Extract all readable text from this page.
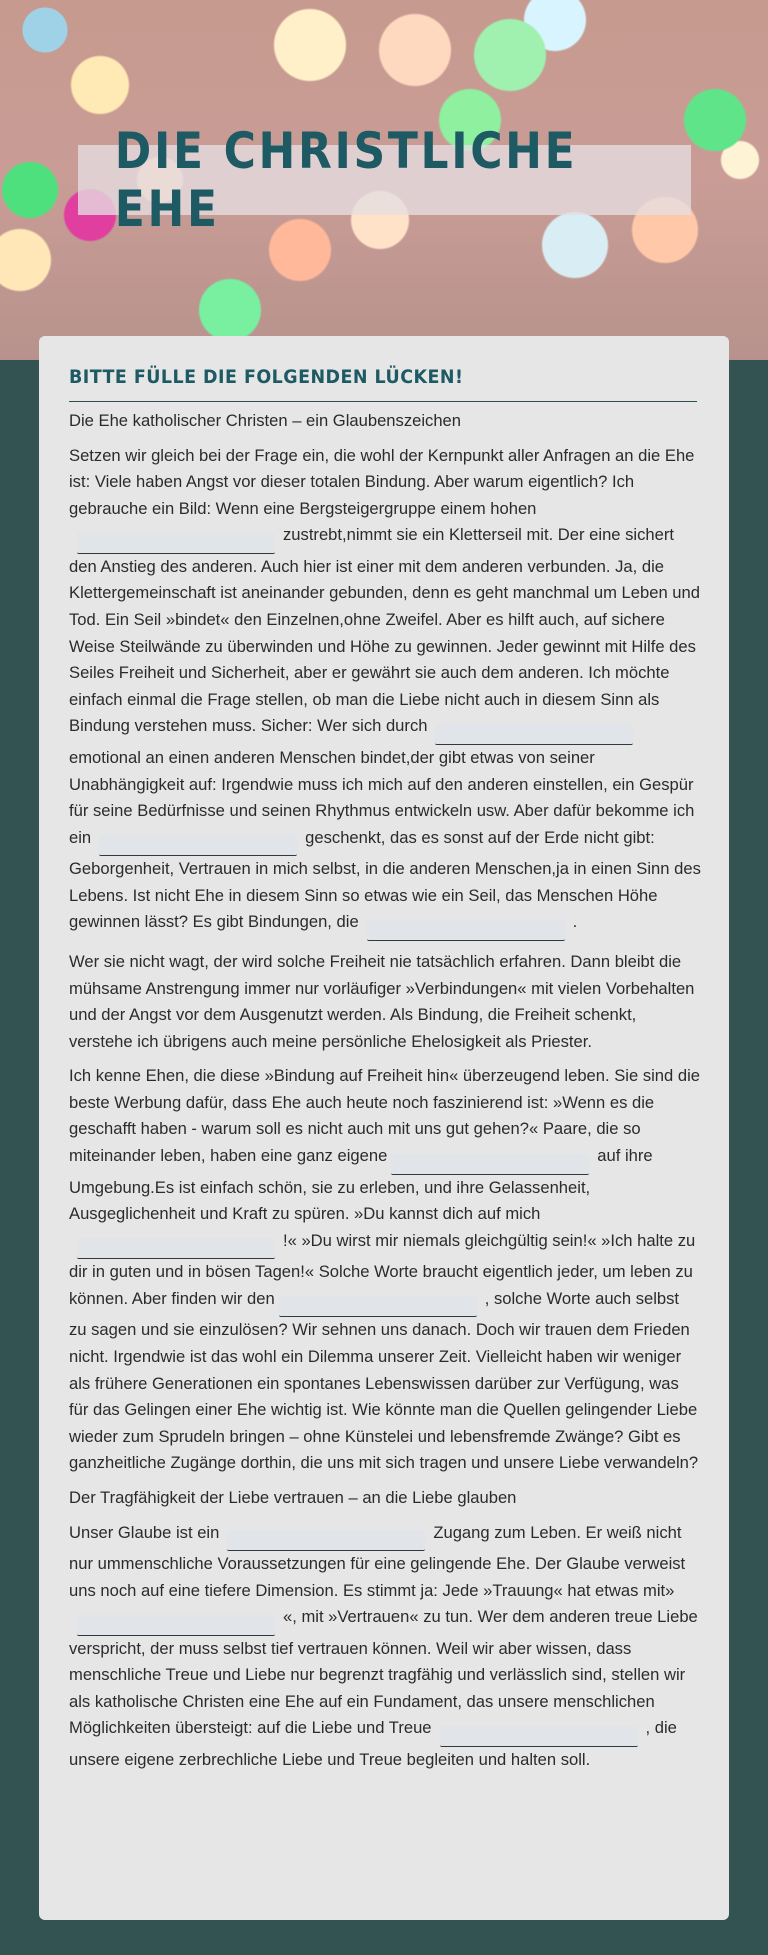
DIE CHRISTLICHE EHE
BITTE FÜLLE DIE FOLGENDEN LÜCKEN!

Die Ehe katholischer Christen – ein Glaubenszeichen

Setzen wir gleich bei der Frage ein, die wohl der Kernpunkt aller Anfragen an die Ehe ist: Viele haben Angst vor dieser totalen Bindung. Aber warum eigentlich? Ich gebrauche ein Bild: Wenn eine Bergsteigergruppe einem hohenzustrebt,nimmt sie ein Kletterseil mit. Der eine sichert den Anstieg des anderen. Auch hier ist einer mit dem anderen verbunden. Ja, die Klettergemeinschaft ist aneinander gebunden, denn es geht manchmal um Leben und Tod. Ein Seil »bindet« den Einzelnen,ohne Zweifel. Aber es hilft auch, auf sichere Weise Steilwände zu überwinden und Höhe zu gewinnen. Jeder gewinnt mit Hilfe des Seiles Freiheit und Sicherheit, aber er gewährt sie auch dem anderen. Ich möchte einfach einmal die Frage stellen, ob man die Liebe nicht auch in diesem Sinn als Bindung verstehen muss. Sicher: Wer sich durchemotional an einen anderen Menschen bindet,der gibt etwas von seiner Unabhängigkeit auf: Irgendwie muss ich mich auf den anderen einstellen, ein Gespür für seine Bedürfnisse und seinen Rhythmus entwickeln usw. Aber dafür bekomme ich ein	geschenkt, das es sonst auf der Erde nicht gibt: Geborgenheit, Vertrauen in mich selbst, in die anderen Menschen,ja in einen Sinn des Lebens. Ist nicht Ehe in diesem Sinn so etwas wie ein Seil, das Menschen Höhe gewinnen lässt? Es gibt Bindungen, die	.

Wer sie nicht wagt, der wird solche Freiheit nie tatsächlich erfahren. Dann bleibt die mühsame Anstrengung immer nur vorläufiger »Verbindungen« mit vielen Vorbehalten und der Angst vor dem Ausgenutzt werden. Als Bindung, die Freiheit schenkt, verstehe ich übrigens auch meine persönliche Ehelosigkeit als Priester.

Ich kenne Ehen, die diese »Bindung auf Freiheit hin« überzeugend leben. Sie sind die beste Werbung dafür, dass Ehe auch heute noch faszinierend ist: »Wenn es die geschafft haben - warum soll es nicht auch mit uns gut gehen?« Paare, die so miteinander leben, haben eine ganz eigene	auf ihre Umgebung.Es ist einfach schön, sie zu erleben, und ihre Gelassenheit, Ausgeglichenheit und Kraft zu spüren. »Du kannst dich auf mich!« »Du wirst mir niemals gleichgültig sein!« »Ich halte zu dir in guten und in bösen Tagen!« Solche Worte braucht eigentlich jeder, um leben zu können. Aber finden wir den	, solche Worte auch selbst zu sagen und sie einzulösen? Wir sehnen uns danach. Doch wir trauen dem Frieden nicht. Irgendwie ist das wohl ein Dilemma unserer Zeit. Vielleicht haben wir weniger als frühere Generationen ein spontanes Lebenswissen darüber zur Verfügung, was für das Gelingen einer Ehe wichtig ist. Wie könnte man die Quellen gelingender Liebe wieder zum Sprudeln bringen – ohne Künstelei und lebensfremde Zwänge? Gibt es ganzheitliche Zugänge dorthin, die uns mit sich tragen und unsere Liebe verwandeln?

Der Tragfähigkeit der Liebe vertrauen – an die Liebe glauben

Unser Glaube ist ein	Zugang zum Leben. Er weiß nicht nur ummenschliche Voraussetzungen für eine gelingende Ehe. Der Glaube verweist uns noch auf eine tiefere Dimension. Es stimmt ja: Jede »Trauung« hat etwas mit»«, mit »Vertrauen« zu tun. Wer dem anderen treue Liebe verspricht, der muss selbst tief vertrauen können. Weil wir aber wissen, dass menschliche Treue und Liebe nur begrenzt tragfähig und verlässlich sind, stellen wir als katholische Christen eine Ehe auf ein Fundament, das unsere menschlichen Möglichkeiten übersteigt: auf die Liebe und Treue	, die unsere eigene zerbrechliche Liebe und Treue begleiten und halten soll.
